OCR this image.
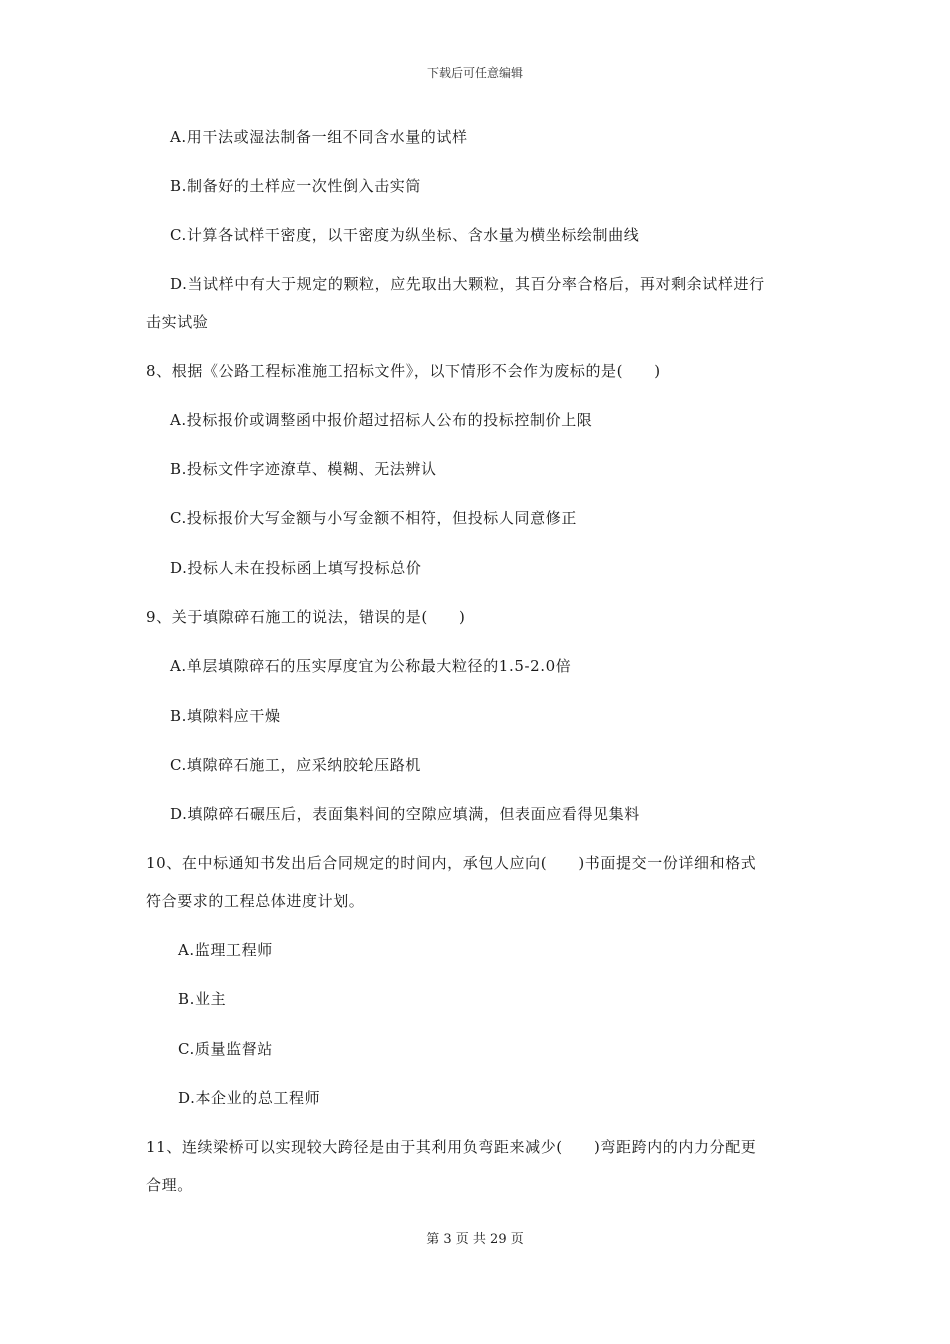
下载后可任意编辑
A.用干法或湿法制备一组不同含水量的试样
B.制备好的土样应一次性倒入击实筒
C.计算各试样干密度，以干密度为纵坐标、含水量为横坐标绘制曲线
D.当试样中有大于规定的颗粒，应先取出大颗粒，其百分率合格后，再对剩余试样进行
击实试验
8、根据《公路工程标准施工招标文件》，以下情形不会作为废标的是(　　)
A.投标报价或调整函中报价超过招标人公布的投标控制价上限
B.投标文件字迹潦草、模糊、无法辨认
C.投标报价大写金额与小写金额不相符，但投标人同意修正
D.投标人未在投标函上填写投标总价
9、关于填隙碎石施工的说法，错误的是(　　)
A.单层填隙碎石的压实厚度宜为公称最大粒径的1.5-2.0倍
B.填隙料应干燥
C.填隙碎石施工，应采纳胶轮压路机
D.填隙碎石碾压后，表面集料间的空隙应填满，但表面应看得见集料
10、在中标通知书发出后合同规定的时间内，承包人应向(　　)书面提交一份详细和格式
符合要求的工程总体进度计划。
A.监理工程师
B.业主
C.质量监督站
D.本企业的总工程师
11、连续梁桥可以实现较大跨径是由于其利用负弯距来减少(　　)弯距跨内的内力分配更
合理。
第 3 页 共 29 页
